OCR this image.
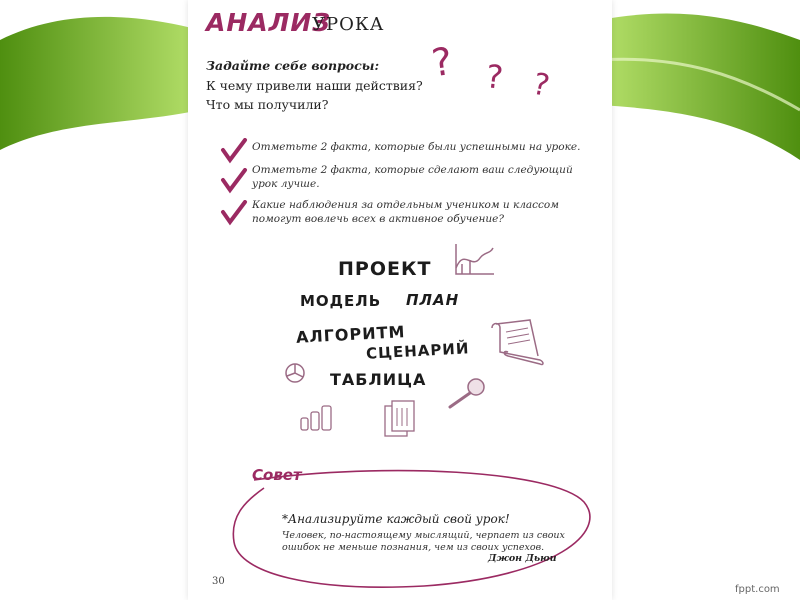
АНАЛИЗ
УРОКА
Задайте себе вопросы:
К чему привели наши действия?
Что мы получили?
? ? ?
Отметьте 2 факта, которые были успешными на уроке.
Отметьте 2 факта, которые сделают ваш следующий урок лучше.
Какие наблюдения за отдельным учеником и классом помогут вовлечь всех в активное обучение?
ПРОЕКТ
МОДЕЛЬ ПЛАН
АЛГОРИТМ
СЦЕНАРИЙ
ТАБЛИЦА
Совет
*Анализируйте каждый свой урок!
Человек, по-настоящему мыслящий, черпает из своих ошибок не меньше познания, чем из своих успехов.
Джон Дьюи
30
fppt.com
